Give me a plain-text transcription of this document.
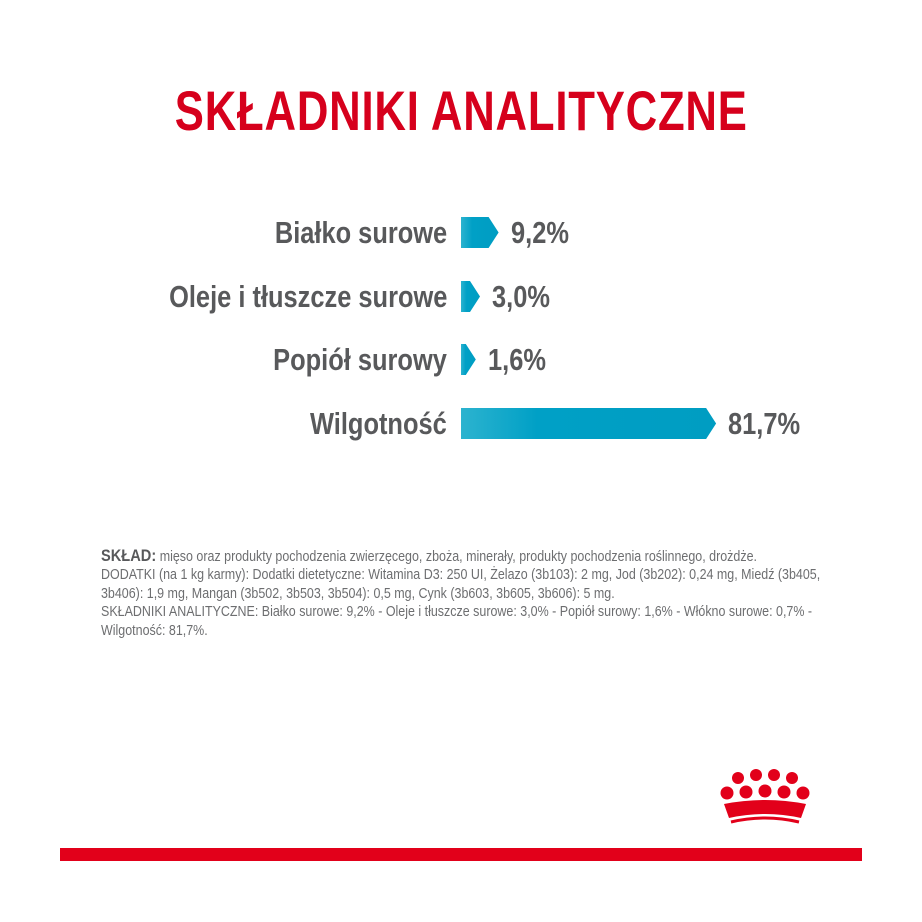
SKŁADNIKI ANALITYCZNE
Białko surowe 9,2%
Oleje i tłuszcze surowe 3,0%
Popiół surowy 1,6%
Wilgotność	81,7%

SKŁAD: mięso oraz produkty pochodzenia zwierzęcego, zboża, minerały, produkty pochodzenia roślinnego, drożdże.
DODATKI (na 1 kg karmy): Dodatki dietetyczne: Witamina D3: 250 UI, Żelazo (3b103): 2 mg, Jod (3b202): 0,24 mg, Miedź (3b405, 3b406): 1,9 mg, Mangan (3b502, 3b503, 3b504): 0,5 mg, Cynk (3b603, 3b605, 3b606): 5 mg.
SKŁADNIKI ANALITYCZNE: Białko surowe: 9,2% - Oleje i tłuszcze surowe: 3,0% - Popiół surowy: 1,6% - Włókno surowe: 0,7% - Wilgotność: 81,7%.
